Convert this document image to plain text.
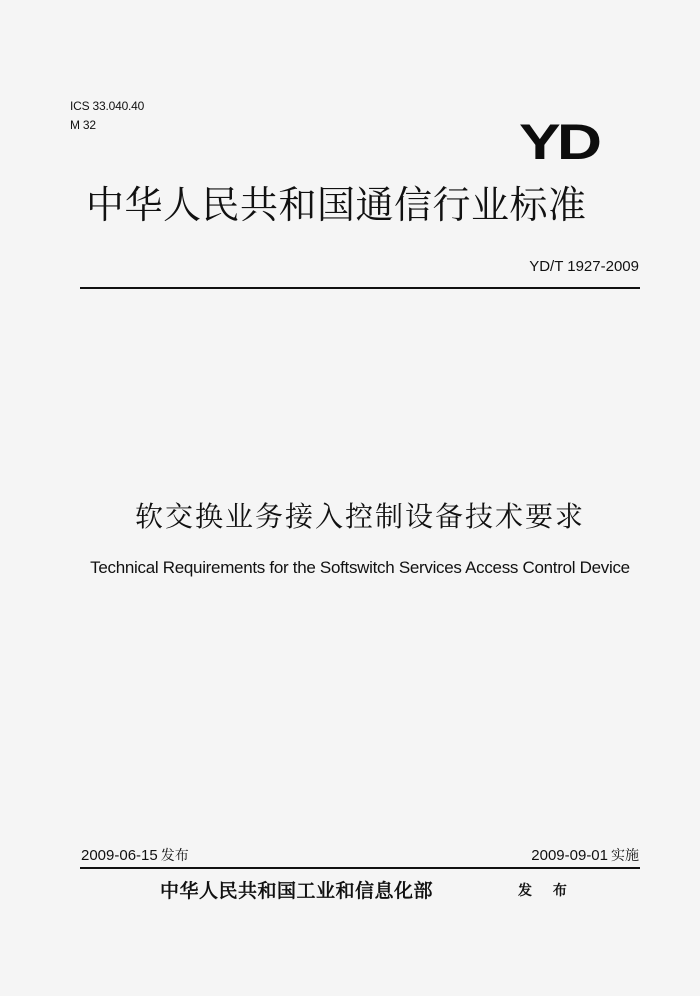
ICS 33.040.40
M 32	YD
中华人民共和国通信行业标准
YD/T 1927-2009
软交换业务接入控制设备技术要求
Technical Requirements for the Softswitch Services Access Control Device
2009-06-15 发布	2009-09-01 实施
中华人民共和国工业和信息化部	发 布
